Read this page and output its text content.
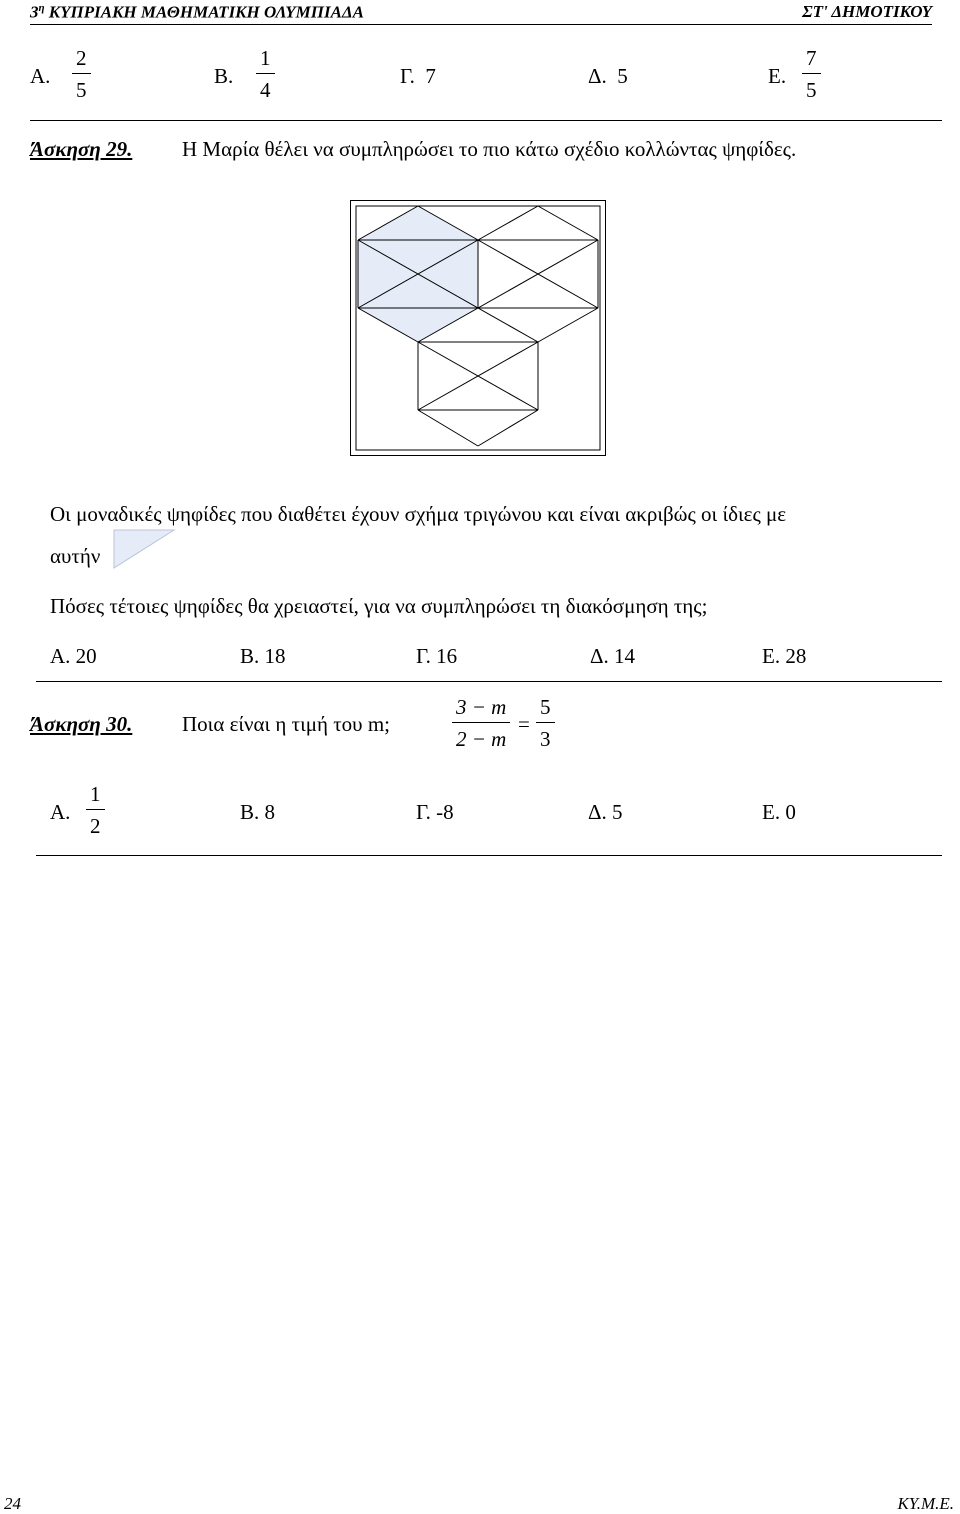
$3^\eta$ ΚΥΠΡΙΑΚΗ ΜΑΘΗΜΑΤΙΚΗ ΟΛΥΜΠΙΑΔΑ	ΣΤ' ΔΗΜΟΤΙΚΟΥ
Α. $\frac{2}{5}$	Β. $\frac{1}{4}$	Γ. 7	Δ. 5	Ε. $\frac{7}{5}$
Άσκηση 29. Η Μαρία θέλει να συμπληρώσει το πιο κάτω σχέδιο κολλώντας ψηφίδες.
Οι μοναδικές ψηφίδες που διαθέτει έχουν σχήμα τριγώνου και είναι ακριβώς οι ίδιες με
αυτήν
Πόσες τέτοιες ψηφίδες θα χρειαστεί, για να συμπληρώσει τη διακόσμηση της;
Α. 20	Β. 18	Γ. 16	Δ. 14	Ε. 28
Άσκηση 30. Ποια είναι η τιμή του m;	$\frac{3 - m}{2 - m} = \frac{5}{3}$
Α. $\frac{1}{2}$	Β. 8	Γ. -8	Δ. 5	Ε. 0
24	ΚΥ.Μ.Ε.
